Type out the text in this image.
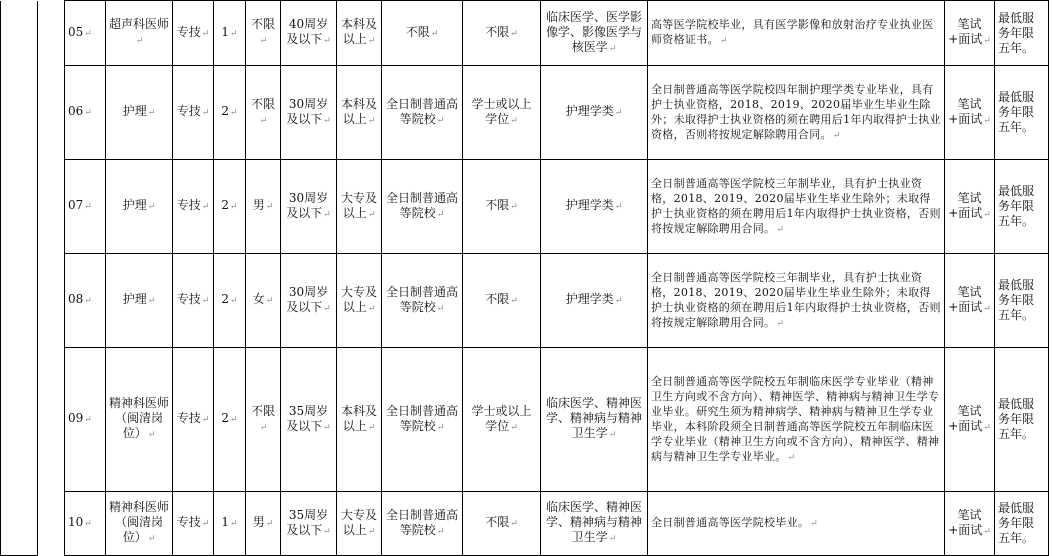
		05↵	超声科医师↵	专技↵	1↵	不限↵	40周岁及以下↵	本科及以上↵	不限↵	不限↵	临床医学、医学影像学、影像医学与核医学↵	高等医学院校毕业，具有医学影像和放射治疗专业执业医师资格证书。↵	笔试+面试↵	最低服务年限五年。
		06↵	护理↵	专技↵	2↵	不限↵	30周岁及以下↵	本科及以上↵	全日制普通高等院校↵	学士或以上学位↵	护理学类↵	全日制普通高等医学院校四年制护理学类专业毕业，具有护士执业资格，2018、2019、2020届毕业生毕业生除外；未取得护士执业资格的须在聘用后1年内取得护士执业资格，否则将按规定解除聘用合同。↵	笔试+面试↵	最低服务年限五年。
		07↵	护理↵	专技↵	2↵	男↵	30周岁及以下↵	大专及以上↵	全日制普通高等院校↵	不限↵	护理学类↵	全日制普通高等医学院校三年制毕业，具有护士执业资格，2018、2019、2020届毕业生毕业生除外；未取得护士执业资格的须在聘用后1年内取得护士执业资格，否则将按规定解除聘用合同。↵	笔试+面试↵	最低服务年限五年。
		08↵	护理↵	专技↵	2↵	女↵	30周岁及以下↵	大专及以上↵	全日制普通高等院校↵	不限↵	护理学类↵	全日制普通高等医学院校三年制毕业，具有护士执业资格，2018、2019、2020届毕业生毕业生除外；未取得护士执业资格的须在聘用后1年内取得护士执业资格，否则将按规定解除聘用合同。↵	笔试+面试↵	最低服务年限五年。
		09↵	精神科医师（闽清岗位）↵	专技↵	2↵	不限↵	35周岁及以下↵	本科及以上↵	全日制普通高等院校↵	学士或以上学位↵	临床医学、精神医学、精神病与精神卫生学↵	全日制普通高等医学院校五年制临床医学专业毕业（精神卫生方向或不含方向）、精神医学、精神病与精神卫生学专业毕业。研究生须为精神病学、精神病与精神卫生学专业毕业，本科阶段须全日制普通高等医学院校五年制临床医学专业毕业（精神卫生方向或不含方向）、精神医学、精神病与精神卫生学专业毕业。↵	笔试+面试↵	最低服务年限五年。
		10↵	精神科医师（闽清岗位）↵	专技↵	1↵	男↵	35周岁及以下↵	大专及以上↵	全日制普通高等院校↵	不限↵	临床医学、精神医学、精神病与精神卫生学↵	全日制普通高等医学院校毕业。↵	笔试+面试↵	最低服务年限五年。
